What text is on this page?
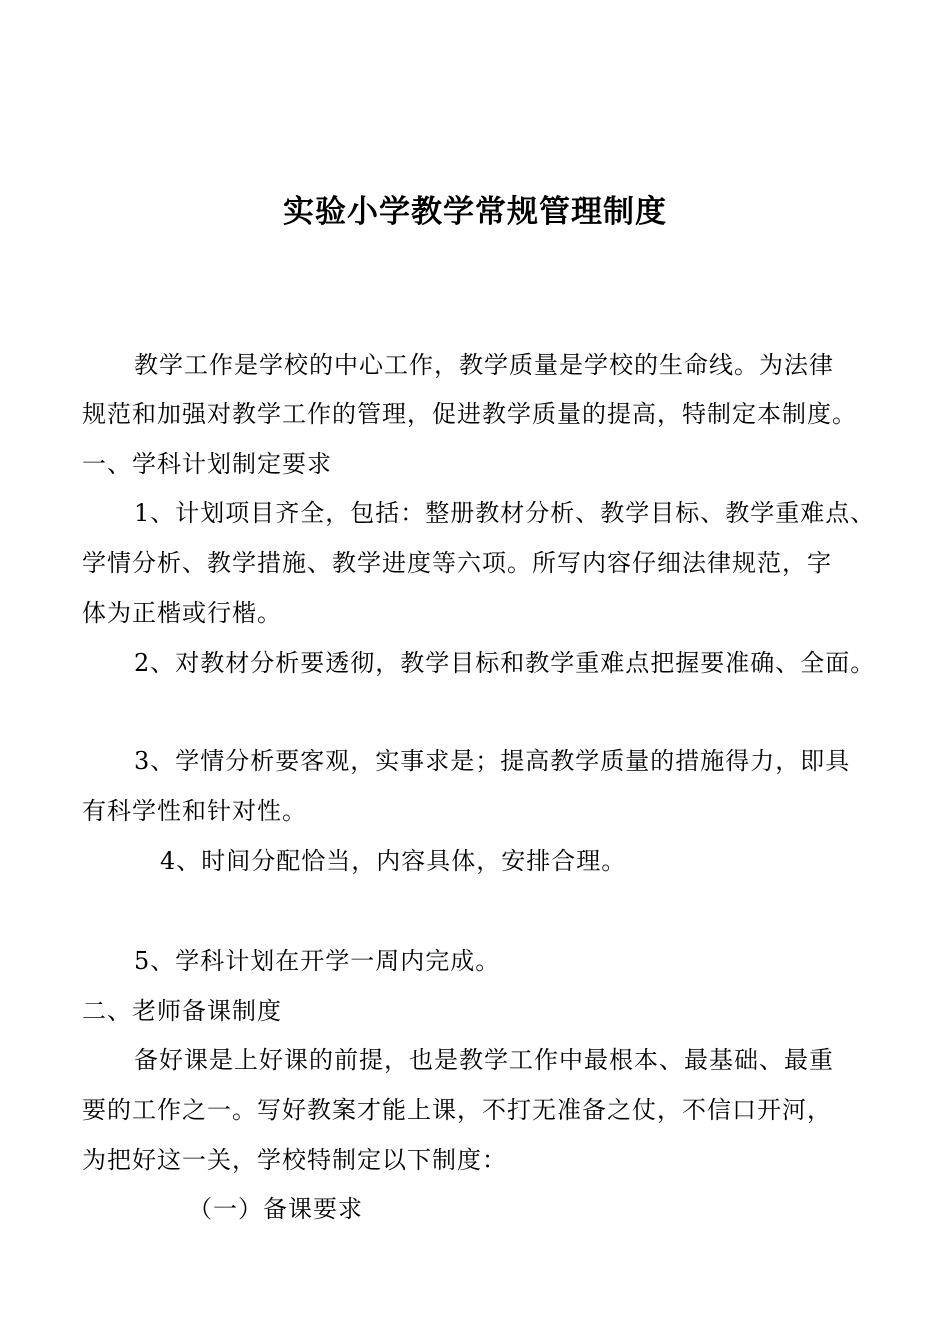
实验小学教学常规管理制度
教学工作是学校的中心工作，教学质量是学校的生命线。为法律
规范和加强对教学工作的管理，促进教学质量的提高，特制定本制度。
一、学科计划制定要求
1、计划项目齐全，包括：整册教材分析、教学目标、教学重难点、
学情分析、教学措施、教学进度等六项。所写内容仔细法律规范，字
体为正楷或行楷。
2、对教材分析要透彻，教学目标和教学重难点把握要准确、全面。
3、学情分析要客观，实事求是；提高教学质量的措施得力，即具
有科学性和针对性。
4、时间分配恰当，内容具体，安排合理。
5、学科计划在开学一周内完成。
二、老师备课制度
备好课是上好课的前提，也是教学工作中最根本、最基础、最重
要的工作之一。写好教案才能上课，不打无准备之仗，不信口开河，
为把好这一关，学校特制定以下制度：
（一）备课要求
